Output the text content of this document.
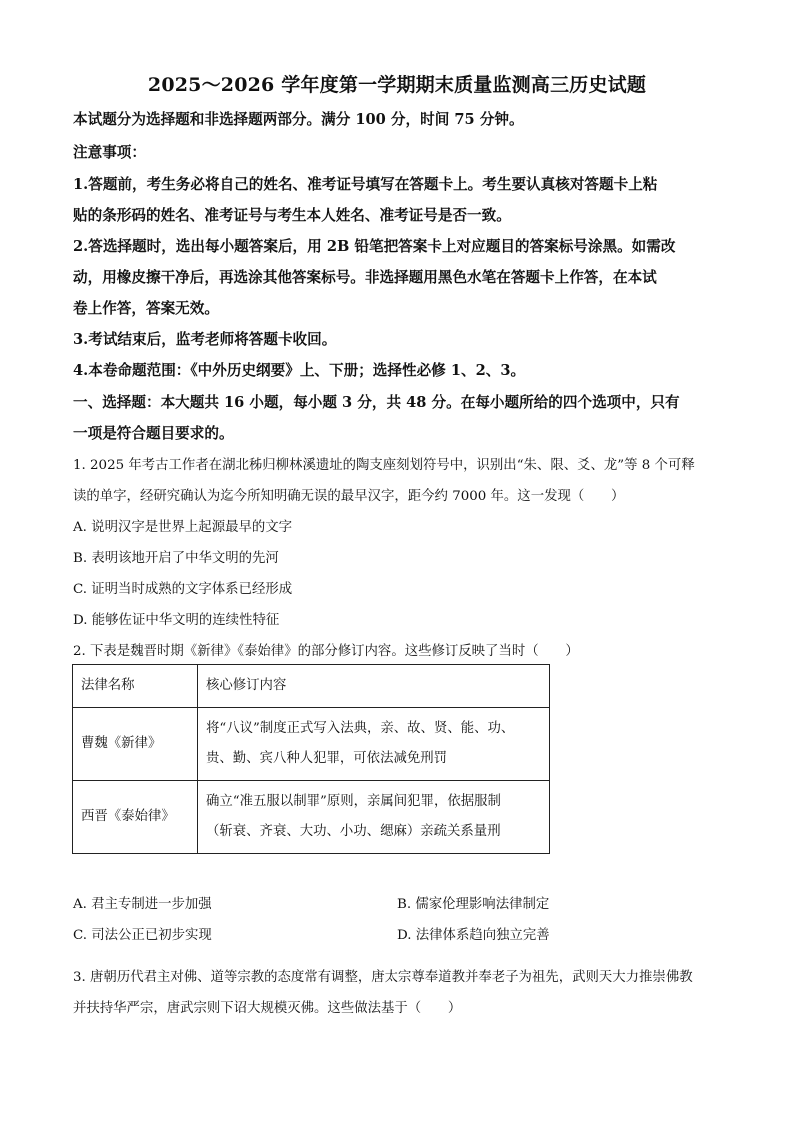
2025～2026 学年度第一学期期末质量监测高三历史试题
本试题分为选择题和非选择题两部分。满分 100 分，时间 75 分钟。
注意事项：
1.答题前，考生务必将自己的姓名、准考证号填写在答题卡上。考生要认真核对答题卡上粘
贴的条形码的姓名、准考证号与考生本人姓名、准考证号是否一致。
2.答选择题时，选出每小题答案后，用 2B 铅笔把答案卡上对应题目的答案标号涂黑。如需改
动，用橡皮擦干净后，再选涂其他答案标号。非选择题用黑色水笔在答题卡上作答，在本试
卷上作答，答案无效。
3.考试结束后，监考老师将答题卡收回。
4.本卷命题范围：《中外历史纲要》上、下册；选择性必修 1、2、3。
一、选择题：本大题共 16 小题，每小题 3 分，共 48 分。在每小题所给的四个选项中，只有
一项是符合题目要求的。
1. 2025 年考古工作者在湖北秭归柳林溪遗址的陶支座刻划符号中，识别出“朱、限、爻、龙”等 8 个可释
读的单字，经研究确认为迄今所知明确无误的最早汉字，距今约 7000 年。这一发现（　　）
A. 说明汉字是世界上起源最早的文字
B. 表明该地开启了中华文明的先河
C. 证明当时成熟的文字体系已经形成
D. 能够佐证中华文明的连续性特征
2. 下表是魏晋时期《新律》《泰始律》的部分修订内容。这些修订反映了当时（　　）
法律名称	核心修订内容
曹魏《新律》	将“八议”制度正式写入法典，亲、故、贤、能、功、
贵、勤、宾八种人犯罪，可依法减免刑罚

西晋《泰始律》	确立“准五服以制罪”原则，亲属间犯罪，依据服制
（斩衰、齐衰、大功、小功、缌麻）亲疏关系量刑
A. 君主专制进一步加强	B. 儒家伦理影响法律制定
C. 司法公正已初步实现	D. 法律体系趋向独立完善
3. 唐朝历代君主对佛、道等宗教的态度常有调整，唐太宗尊奉道教并奉老子为祖先，武则天大力推崇佛教
并扶持华严宗，唐武宗则下诏大规模灭佛。这些做法基于（　　）
